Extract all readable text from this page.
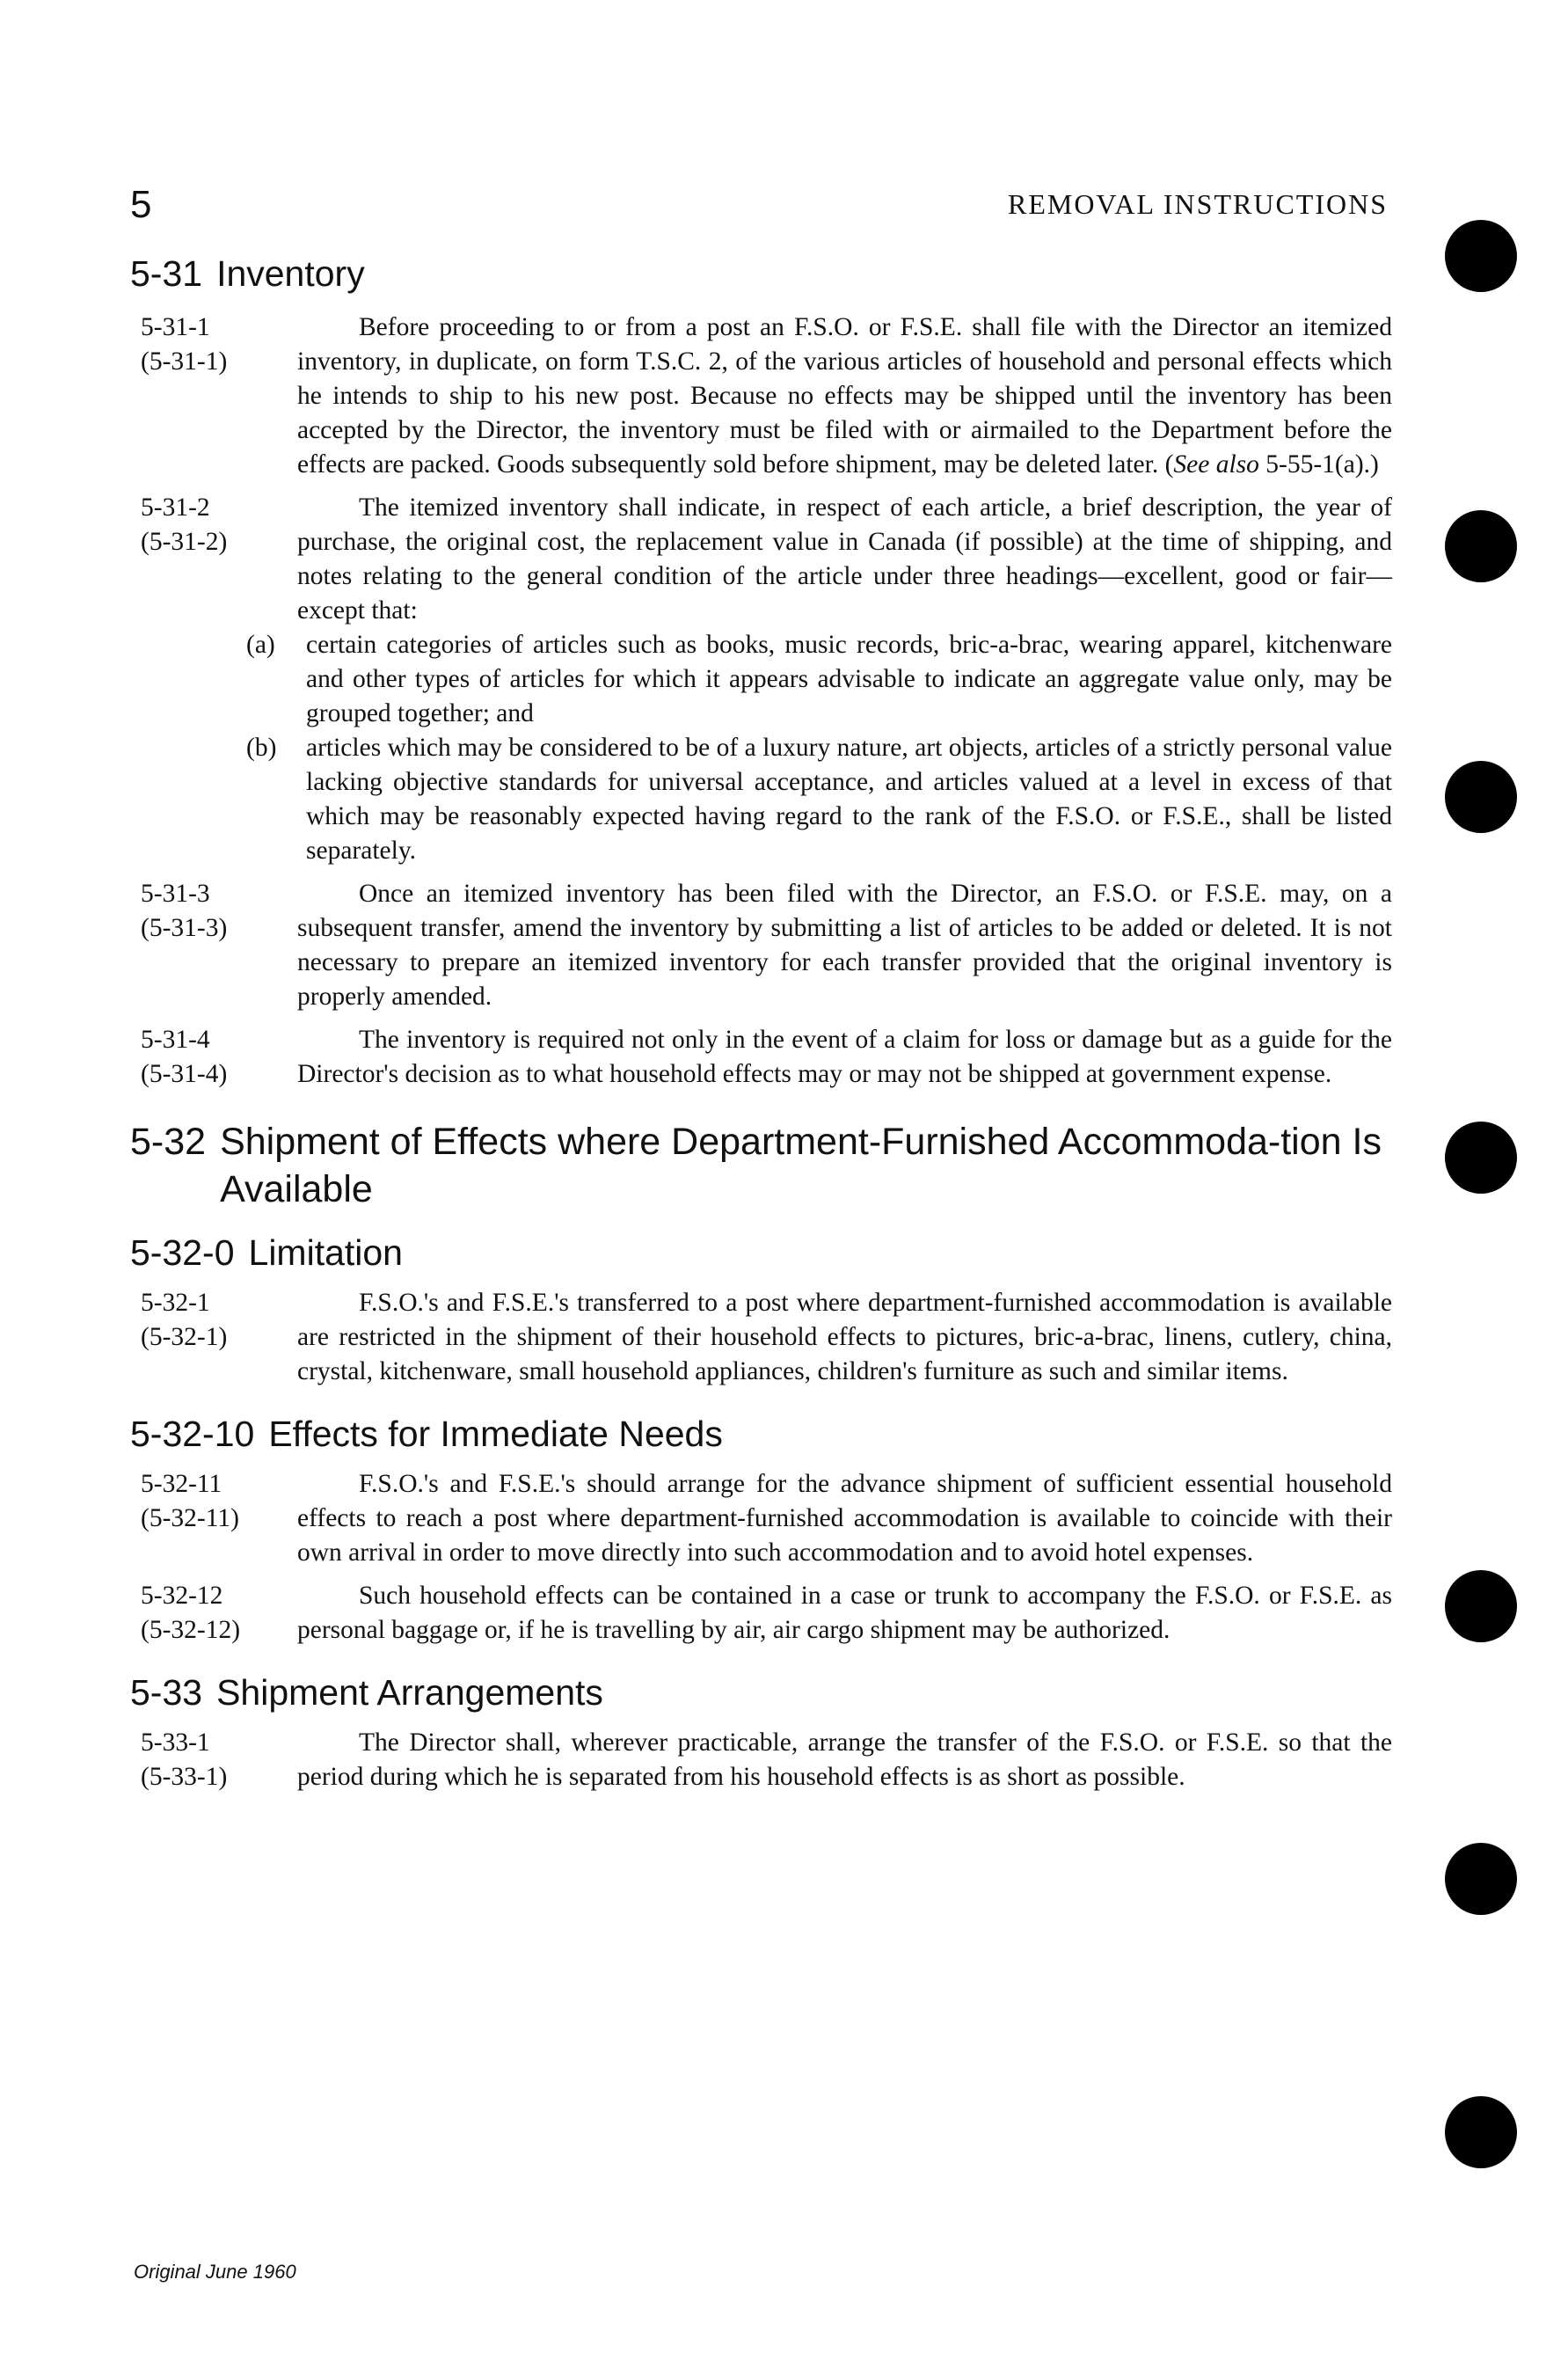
5	REMOVAL INSTRUCTIONS
5-31 Inventory
5-31-1
(5-31-1)
Before proceeding to or from a post an F.S.O. or F.S.E. shall file with the Director an itemized inventory, in duplicate, on form T.S.C. 2, of the various articles of household and personal effects which he intends to ship to his new post. Because no effects may be shipped until the inventory has been accepted by the Director, the inventory must be filed with or airmailed to the Department before the effects are packed. Goods subsequently sold before shipment, may be deleted later. (See also 5-55-1(a).)
5-31-2
(5-31-2)
The itemized inventory shall indicate, in respect of each article, a brief description, the year of purchase, the original cost, the replacement value in Canada (if possible) at the time of shipping, and notes relating to the general condition of the article under three headings—excellent, good or fair—except that:
(a)	certain categories of articles such as books, music records, bric-a-brac, wearing apparel, kitchenware and other types of articles for which it appears advisable to indicate an aggregate value only, may be grouped together; and
(b)	articles which may be considered to be of a luxury nature, art objects, articles of a strictly personal value lacking objective standards for universal acceptance, and articles valued at a level in excess of that which may be reasonably expected having regard to the rank of the F.S.O. or F.S.E., shall be listed separately.
5-31-3
(5-31-3)
Once an itemized inventory has been filed with the Director, an F.S.O. or F.S.E. may, on a subsequent transfer, amend the inventory by submitting a list of articles to be added or deleted. It is not necessary to prepare an itemized inventory for each transfer provided that the original inventory is properly amended.
5-31-4
(5-31-4)
The inventory is required not only in the event of a claim for loss or damage but as a guide for the Director's decision as to what household effects may or may not be shipped at government expense.
5-32 Shipment of Effects where Department-Furnished Accommoda-tion Is Available
5-32-0 Limitation
5-32-1
(5-32-1)
F.S.O.'s and F.S.E.'s transferred to a post where department-furnished accommodation is available are restricted in the shipment of their household effects to pictures, bric-a-brac, linens, cutlery, china, crystal, kitchenware, small household appliances, children's furniture as such and similar items.
5-32-10 Effects for Immediate Needs
5-32-11
(5-32-11)
F.S.O.'s and F.S.E.'s should arrange for the advance shipment of sufficient essential household effects to reach a post where department-furnished accommodation is available to coincide with their own arrival in order to move directly into such accommodation and to avoid hotel expenses.
5-32-12
(5-32-12)
Such household effects can be contained in a case or trunk to accompany the F.S.O. or F.S.E. as personal baggage or, if he is travelling by air, air cargo shipment may be authorized.
5-33 Shipment Arrangements
5-33-1
(5-33-1)
The Director shall, wherever practicable, arrange the transfer of the F.S.O. or F.S.E. so that the period during which he is separated from his household effects is as short as possible.
Original June 1960
